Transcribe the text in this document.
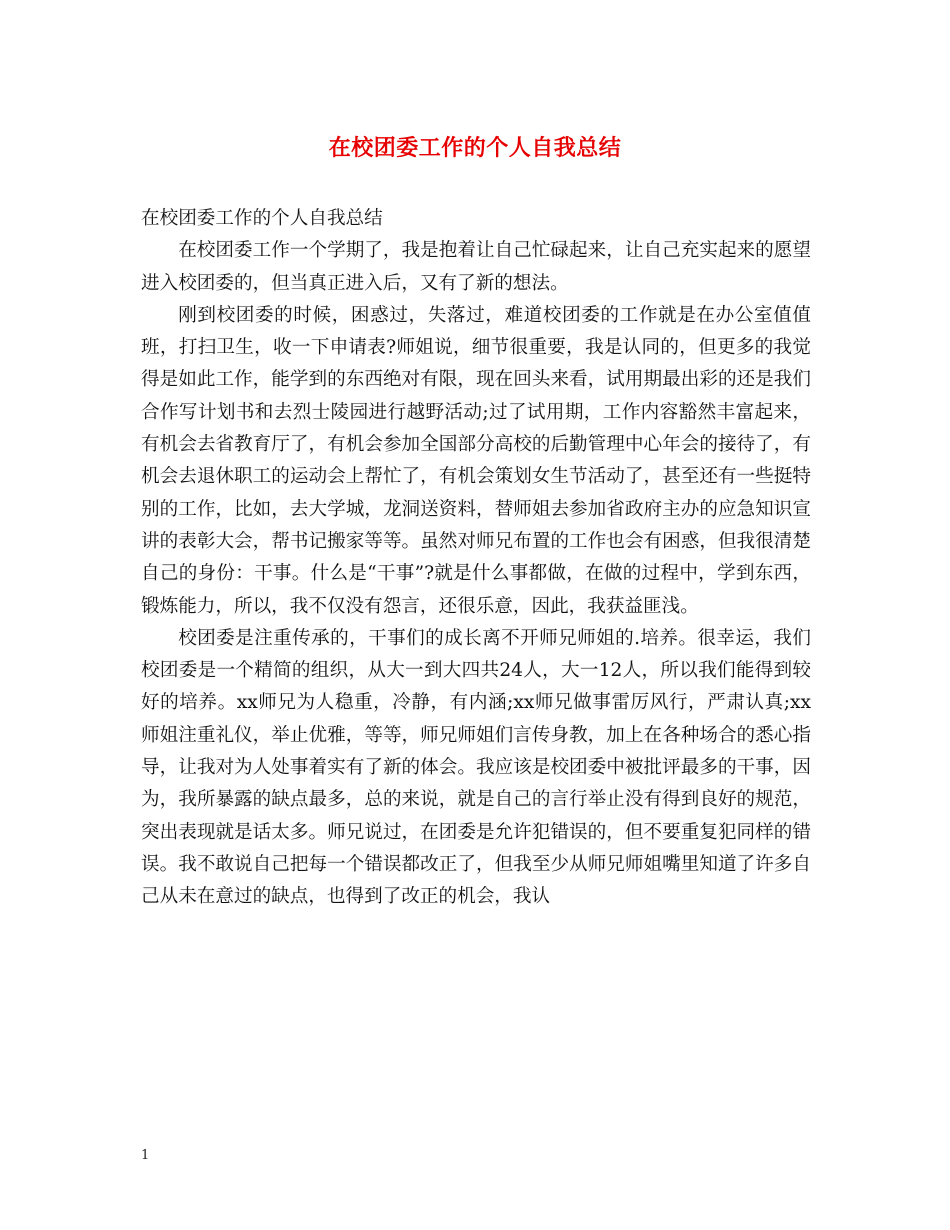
在校团委工作的个人自我总结

在校团委工作的个人自我总结

在校团委工作一个学期了，我是抱着让自己忙碌起来，让自己充实起来的愿望进入校团委的，但当真正进入后，又有了新的想法。

刚到校团委的时候，困惑过，失落过，难道校团委的工作就是在办公室值值班，打扫卫生，收一下申请表?师姐说，细节很重要，我是认同的，但更多的我觉得是如此工作，能学到的东西绝对有限，现在回头来看，试用期最出彩的还是我们合作写计划书和去烈士陵园进行越野活动;过了试用期，工作内容豁然丰富起来，有机会去省教育厅了，有机会参加全国部分高校的后勤管理中心年会的接待了，有机会去退休职工的运动会上帮忙了，有机会策划女生节活动了，甚至还有一些挺特别的工作，比如，去大学城，龙洞送资料，替师姐去参加省政府主办的应急知识宣讲的表彰大会，帮书记搬家等等。虽然对师兄布置的工作也会有困惑，但我很清楚自己的身份：干事。什么是“干事”?就是什么事都做，在做的过程中，学到东西，锻炼能力，所以，我不仅没有怨言，还很乐意，因此，我获益匪浅。

校团委是注重传承的，干事们的成长离不开师兄师姐的.培养。很幸运，我们校团委是一个精简的组织，从大一到大四共24人，大一12人，所以我们能得到较好的培养。xx师兄为人稳重，冷静，有内涵;xx师兄做事雷厉风行，严肃认真;xx师姐注重礼仪，举止优雅，等等，师兄师姐们言传身教，加上在各种场合的悉心指导，让我对为人处事着实有了新的体会。我应该是校团委中被批评最多的干事，因为，我所暴露的缺点最多，总的来说，就是自己的言行举止没有得到良好的规范，突出表现就是话太多。师兄说过，在团委是允许犯错误的，但不要重复犯同样的错误。我不敢说自己把每一个错误都改正了，但我至少从师兄师姐嘴里知道了许多自己从未在意过的缺点，也得到了改正的机会，我认

1
